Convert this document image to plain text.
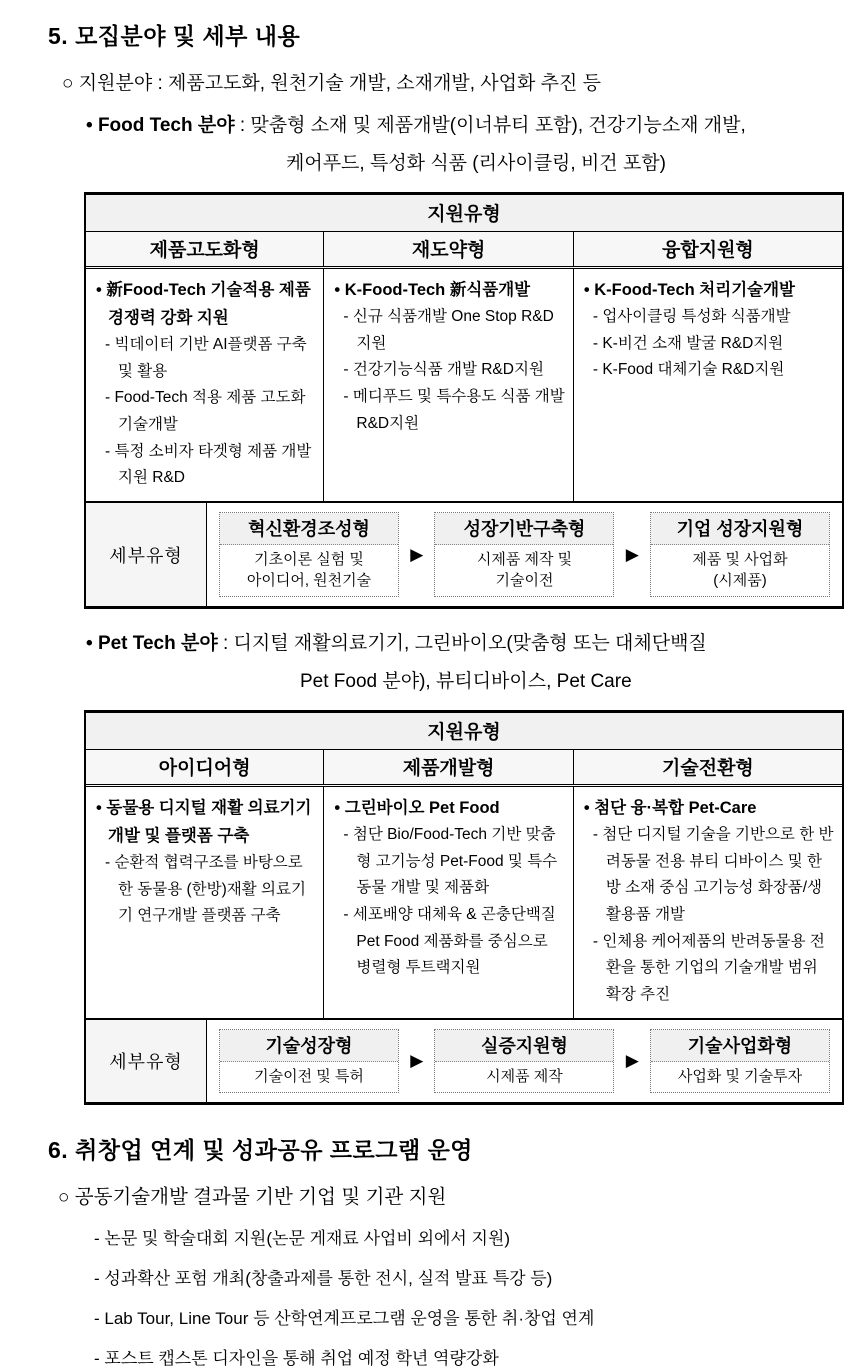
5. 모집분야 및 세부 내용
○ 지원분야 : 제품고도화, 원천기술 개발, 소재개발, 사업화 추진 등
• Food Tech 분야 : 맞춤형 소재 및 제품개발(이너뷰티 포함), 건강기능소재 개발,
케어푸드, 특성화 식품 (리사이클링, 비건 포함)
지원유형
제품고도화형	재도약형	융합지원형
• 新Food-Tech 기술적용 제품 경쟁력 강화 지원
- 빅데이터 기반 AI플랫폼 구축 및 활용
- Food-Tech 적용 제품 고도화 기술개발
- 특정 소비자 타겟형 제품 개발 지원 R&D
• K-Food-Tech 新식품개발
- 신규 식품개발 One Stop R&D 지원
- 건강기능식품 개발 R&D지원
- 메디푸드 및 특수용도 식품 개발 R&D지원
• K-Food-Tech 처리기술개발
- 업사이클링 특성화 식품개발
- K-비건 소재 발굴 R&D지원
- K-Food 대체기술 R&D지원
세부유형
혁신환경조성형
기초이론 실험 및
아이디어, 원천기술
▶
성장기반구축형
시제품 제작 및
기술이전
▶
기업 성장지원형
제품 및 사업화
(시제품)
• Pet Tech 분야 : 디지털 재활의료기기, 그린바이오(맞춤형 또는 대체단백질
Pet Food 분야), 뷰티디바이스, Pet Care
지원유형
아이디어형	제품개발형	기술전환형
• 동물용 디지털 재활 의료기기 개발 및 플랫폼 구축
- 순환적 협력구조를 바탕으로 한 동물용 (한방)재활 의료기기 연구개발 플랫폼 구축
• 그린바이오 Pet Food
- 첨단 Bio/Food-Tech 기반 맞춤형 고기능성 Pet-Food 및 특수동물 개발 및 제품화
- 세포배양 대체육 & 곤충단백질 Pet Food 제품화를 중심으로 병렬형 투트랙지원
• 첨단 융·복합 Pet-Care
- 첨단 디지털 기술을 기반으로 한 반려동물 전용 뷰티 디바이스 및 한방 소재 중심 고기능성 화장품/생활용품 개발
- 인체용 케어제품의 반려동물용 전환을 통한 기업의 기술개발 범위 확장 추진
세부유형
기술성장형
기술이전 및 특허
▶
실증지원형
시제품 제작
▶
기술사업화형
사업화 및 기술투자
6. 취창업 연계 및 성과공유 프로그램 운영
○ 공동기술개발 결과물 기반 기업 및 기관 지원
- 논문 및 학술대회 지원(논문 게재료 사업비 외에서 지원)
- 성과확산 포험 개최(창출과제를 통한 전시, 실적 발표 특강 등)
- Lab Tour, Line Tour 등 산학연계프로그램 운영을 통한 취·창업 연계
- 포스트 캡스톤 디자인을 통해 취업 예정 학년 역량강화
